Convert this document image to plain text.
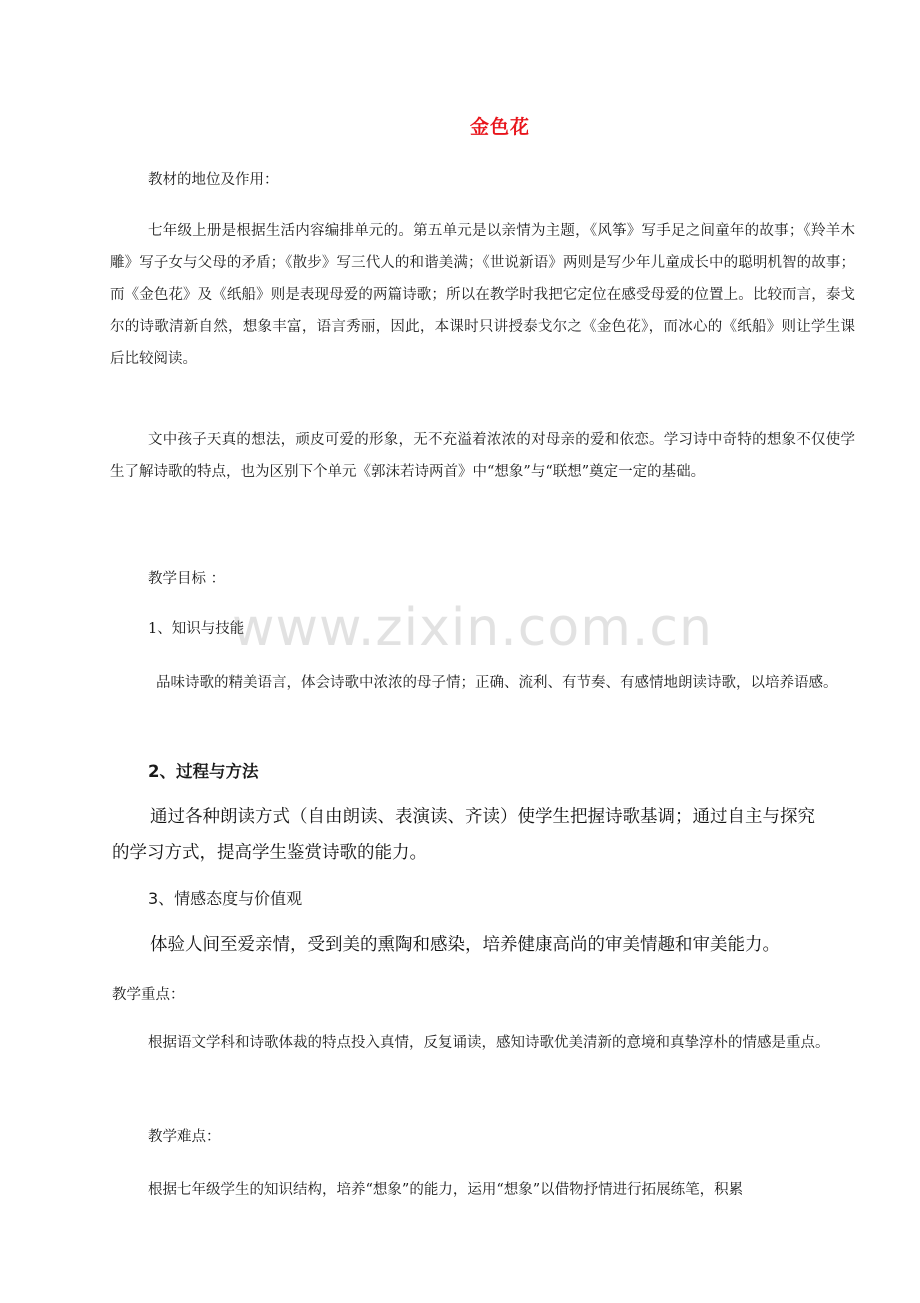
金色花

教材的地位及作用：

七年级上册是根据生活内容编排单元的。第五单元是以亲情为主题，《风筝》写手足之间童年的故事；《羚羊木雕》写子女与父母的矛盾；《散步》写三代人的和谐美满；《世说新语》两则是写少年儿童成长中的聪明机智的故事；而《金色花》及《纸船》则是表现母爱的两篇诗歌；所以在教学时我把它定位在感受母爱的位置上。比较而言，泰戈尔的诗歌清新自然，想象丰富，语言秀丽，因此，本课时只讲授泰戈尔之《金色花》，而冰心的《纸船》则让学生课后比较阅读。

文中孩子天真的想法，顽皮可爱的形象，无不充溢着浓浓的对母亲的爱和依恋。学习诗中奇特的想象不仅使学生了解诗歌的特点，也为区别下个单元《郭沫若诗两首》中“想象”与“联想”奠定一定的基础。

教学目标 ：

1、知识与技能

品味诗歌的精美语言，体会诗歌中浓浓的母子情；正确、流利、有节奏、有感情地朗读诗歌，以培养语感。

2、过程与方法

通过各种朗读方式（自由朗读、表演读、齐读）使学生把握诗歌基调；通过自主与探究

的学习方式，提高学生鉴赏诗歌的能力。

3、情感态度与价值观

体验人间至爱亲情，受到美的熏陶和感染，培养健康高尚的审美情趣和审美能力。

教学重点：

根据语文学科和诗歌体裁的特点投入真情，反复诵读，感知诗歌优美清新的意境和真挚淳朴的情感是重点。

教学难点：

根据七年级学生的知识结构，培养“想象”的能力，运用“想象”以借物抒情进行拓展练笔，积累

www.zixin.com.cn
